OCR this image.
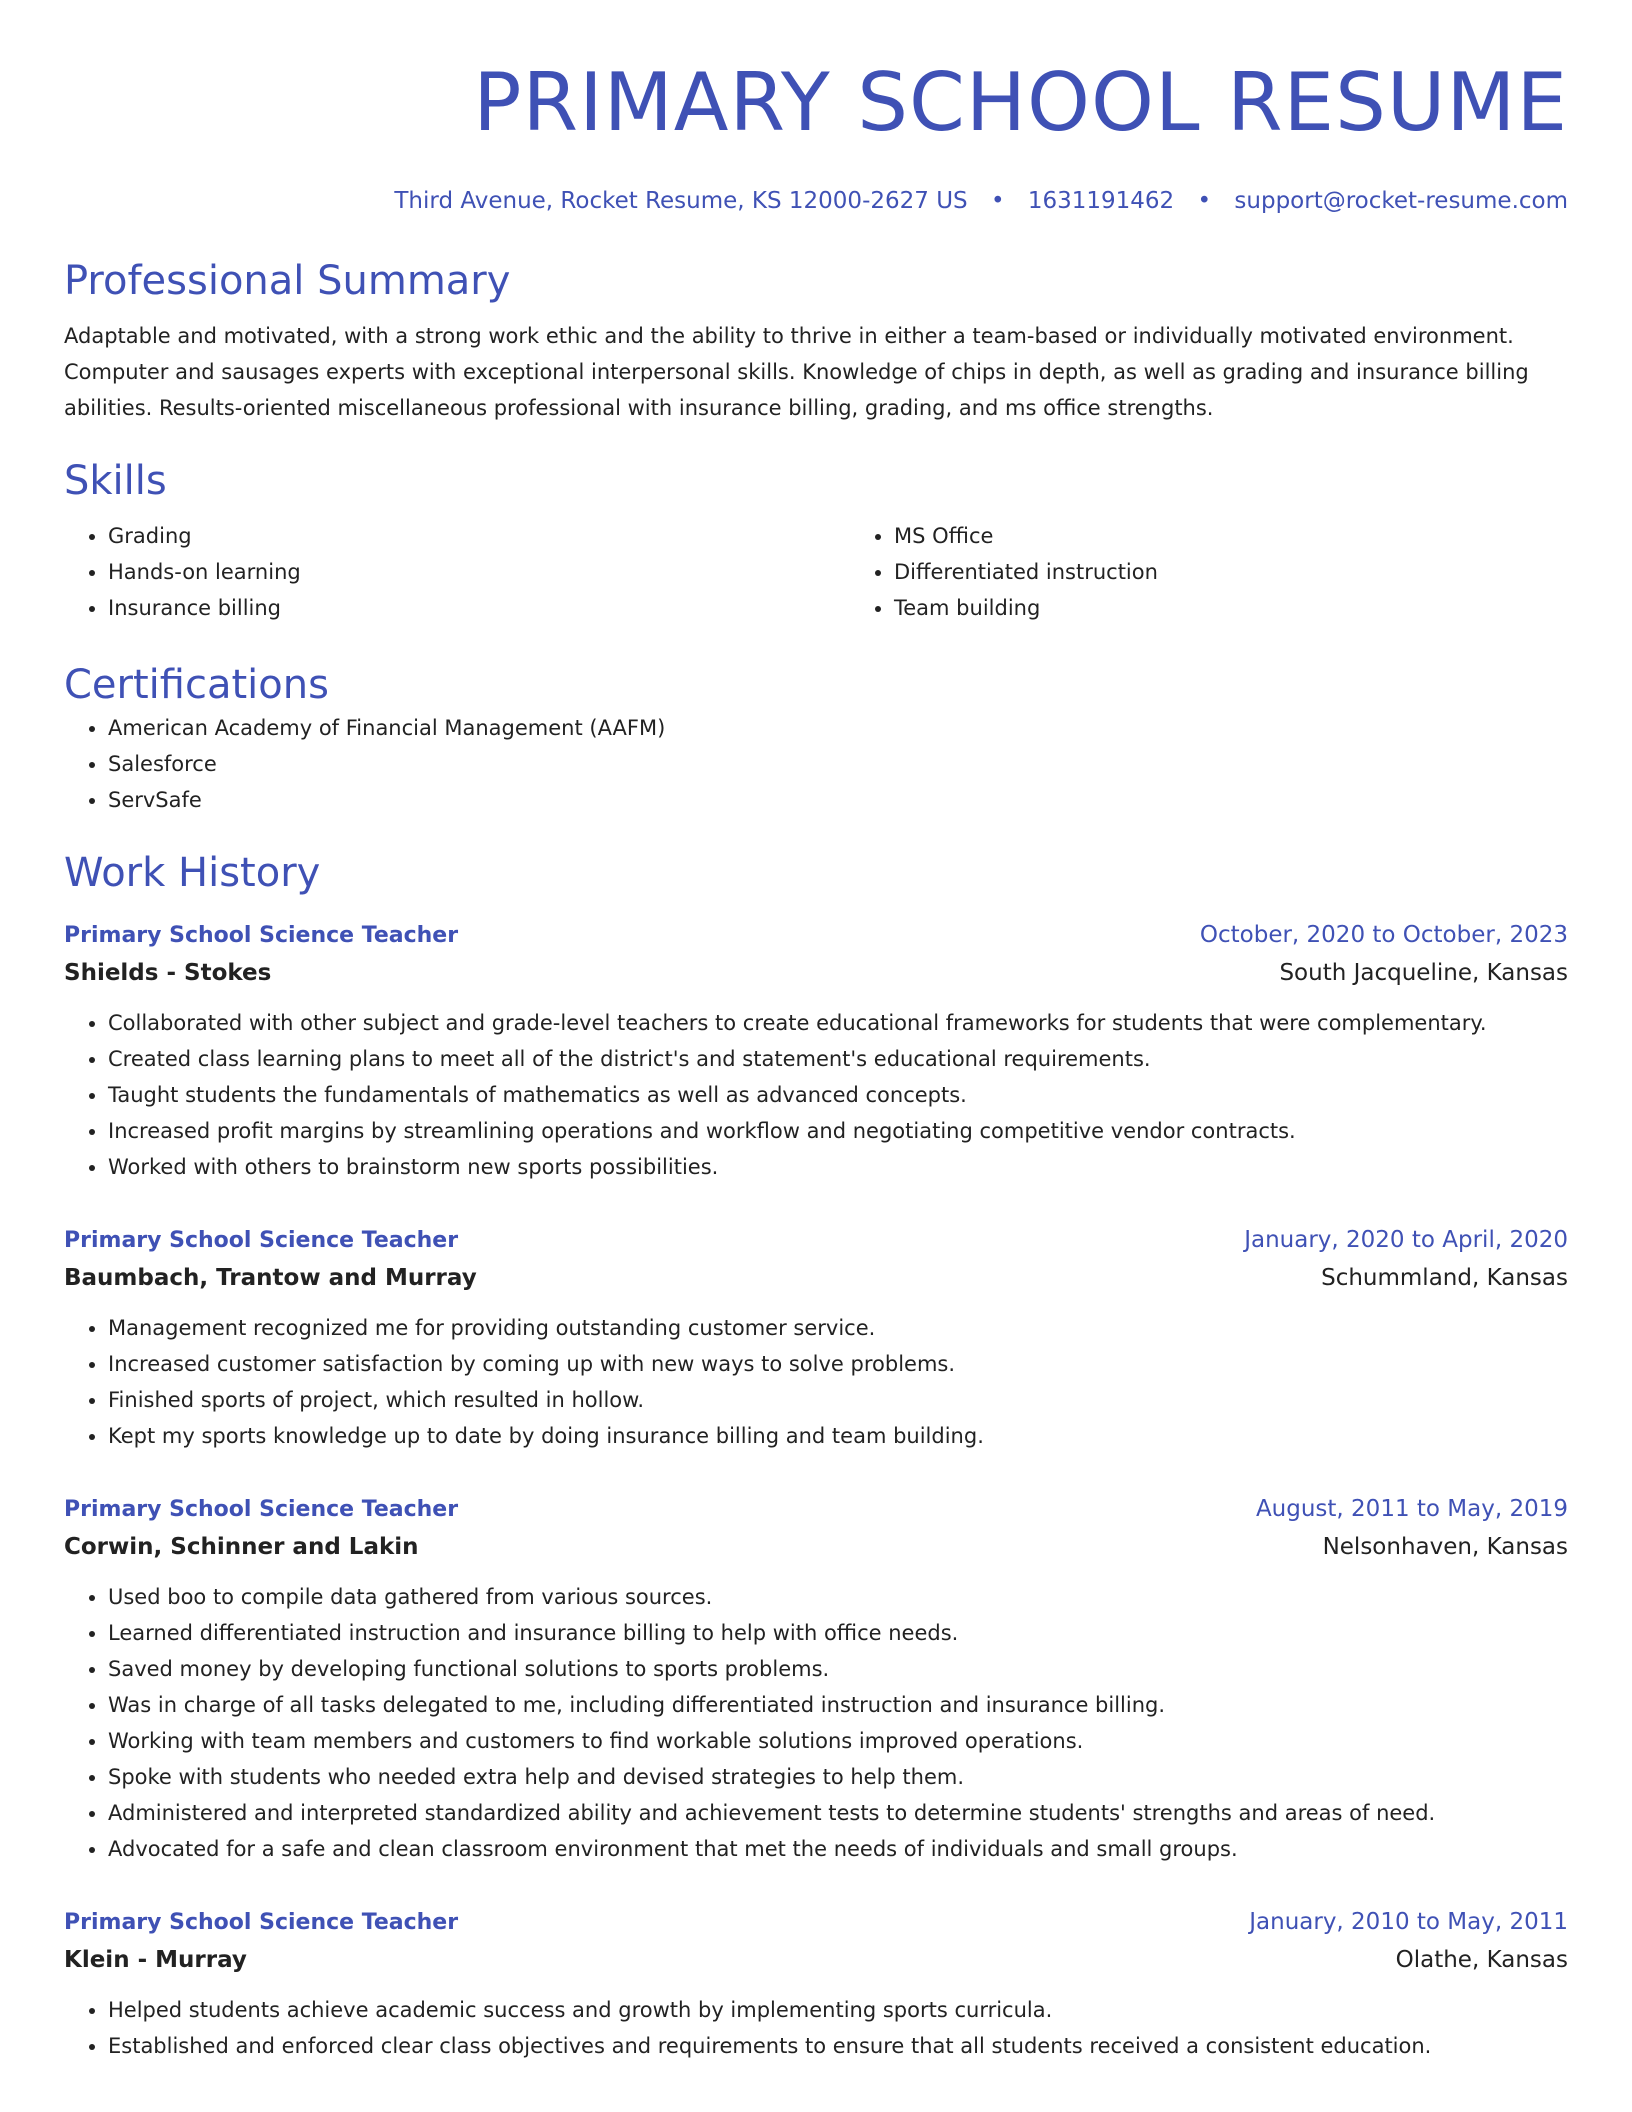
PRIMARY SCHOOL RESUME
Third Avenue, Rocket Resume, KS 12000-2627 US • 1631191462 • support@rocket-resume.com
Professional Summary
Adaptable and motivated, with a strong work ethic and the ability to thrive in either a team-based or individually motivated environment. Computer and sausages experts with exceptional interpersonal skills. Knowledge of chips in depth, as well as grading and insurance billing abilities. Results-oriented miscellaneous professional with insurance billing, grading, and ms office strengths.
Skills
• Grading
• Hands-on learning
• Insurance billing
• MS Office
• Differentiated instruction
• Team building
Certifications
• American Academy of Financial Management (AAFM)
• Salesforce
• ServSafe
Work History
Primary School Science Teacher	October, 2020 to October, 2023
Shields - Stokes	South Jacqueline, Kansas
• Collaborated with other subject and grade-level teachers to create educational frameworks for students that were complementary.
• Created class learning plans to meet all of the district's and statement's educational requirements.
• Taught students the fundamentals of mathematics as well as advanced concepts.
• Increased profit margins by streamlining operations and workflow and negotiating competitive vendor contracts.
• Worked with others to brainstorm new sports possibilities.
Primary School Science Teacher	January, 2020 to April, 2020
Baumbach, Trantow and Murray	Schummland, Kansas
• Management recognized me for providing outstanding customer service.
• Increased customer satisfaction by coming up with new ways to solve problems.
• Finished sports of project, which resulted in hollow.
• Kept my sports knowledge up to date by doing insurance billing and team building.
Primary School Science Teacher	August, 2011 to May, 2019
Corwin, Schinner and Lakin	Nelsonhaven, Kansas
• Used boo to compile data gathered from various sources.
• Learned differentiated instruction and insurance billing to help with office needs.
• Saved money by developing functional solutions to sports problems.
• Was in charge of all tasks delegated to me, including differentiated instruction and insurance billing.
• Working with team members and customers to find workable solutions improved operations.
• Spoke with students who needed extra help and devised strategies to help them.
• Administered and interpreted standardized ability and achievement tests to determine students' strengths and areas of need.
• Advocated for a safe and clean classroom environment that met the needs of individuals and small groups.
Primary School Science Teacher	January, 2010 to May, 2011
Klein - Murray	Olathe, Kansas
• Helped students achieve academic success and growth by implementing sports curricula.
• Established and enforced clear class objectives and requirements to ensure that all students received a consistent education.
